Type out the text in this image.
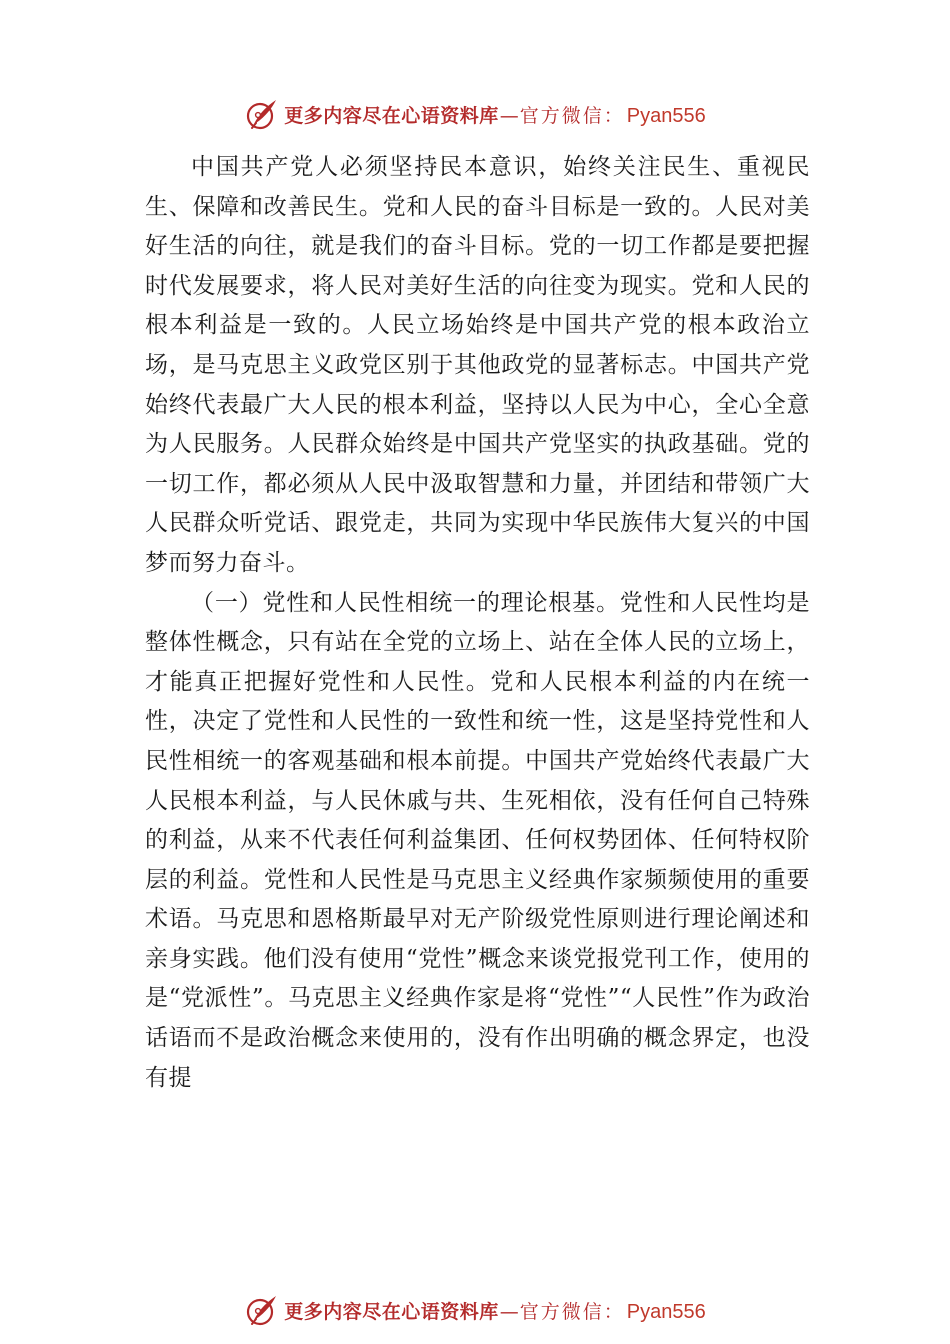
更多内容尽在心语资料库 — 官方微信： Pyan556

中国共产党人必须坚持民本意识，始终关注民生、重视民生、保障和改善民生。党和人民的奋斗目标是一致的。人民对美好生活的向往，就是我们的奋斗目标。党的一切工作都是要把握时代发展要求，将人民对美好生活的向往变为现实。党和人民的根本利益是一致的。人民立场始终是中国共产党的根本政治立场，是马克思主义政党区别于其他政党的显著标志。中国共产党始终代表最广大人民的根本利益，坚持以人民为中心，全心全意为人民服务。人民群众始终是中国共产党坚实的执政基础。党的一切工作，都必须从人民中汲取智慧和力量，并团结和带领广大人民群众听党话、跟党走，共同为实现中华民族伟大复兴的中国梦而努力奋斗。

（一）党性和人民性相统一的理论根基。党性和人民性均是整体性概念，只有站在全党的立场上、站在全体人民的立场上，才能真正把握好党性和人民性。党和人民根本利益的内在统一性，决定了党性和人民性的一致性和统一性，这是坚持党性和人民性相统一的客观基础和根本前提。中国共产党始终代表最广大人民根本利益，与人民休戚与共、生死相依，没有任何自己特殊的利益，从来不代表任何利益集团、任何权势团体、任何特权阶层的利益。党性和人民性是马克思主义经典作家频频使用的重要术语。马克思和恩格斯最早对无产阶级党性原则进行理论阐述和亲身实践。他们没有使用“党性”概念来谈党报党刊工作，使用的是“党派性”。马克思主义经典作家是将“党性”“人民性”作为政治话语而不是政治概念来使用的，没有作出明确的概念界定，也没有提

更多内容尽在心语资料库 — 官方微信： Pyan556
